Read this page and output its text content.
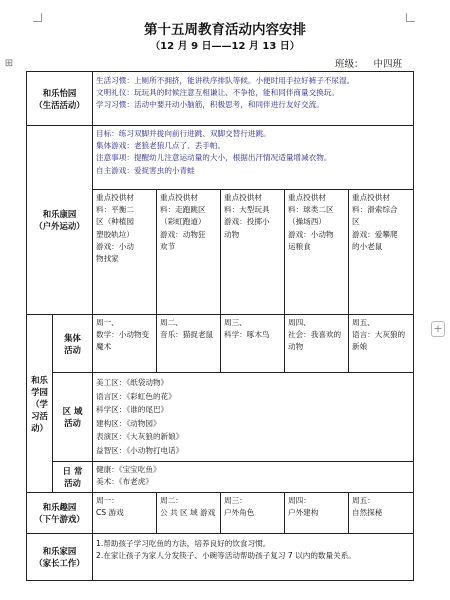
⊞
+
第十五周教育活动内容安排
（12 月 9 日——12 月 13 日）
班级： 中四班
和乐怡园
（生活活动）
生活习惯：上厕所不拥挤，能讲秩序排队等候。小便时用手拉好裤子不尿湿。
文明礼仪：玩玩具的时候注意互相谦让、不争抢，能和同伴商量交换玩。
学习习惯：活动中要开动小脑筋，积极思考，和同伴进行友好交流。
和乐康园
（户外运动）
目标：练习双脚并拢向前行进跳、双脚交替行进跳。
集体游戏：老狼老狼几点了、丢手帕。
注意事项：提醒幼儿注意运动量的大小，根据出汗情况适量增减衣物。
自主游戏：爱捉害虫的小青蛙
重点投供材
料：平衡二
区（种植园
塑胶轨垃）
游戏：小动
物找家
重点投供材
料：走跑跳区
（彩虹跑道）
游戏：动物狂
欢节
重点投供材
料：大型玩具
游戏：投掷小
动物
重点投供材
料：球类二区
（操场西）
游戏：小动物
运粮食
重点投供材
料：滑索综合
区
游戏：爱攀爬
的小老鼠
和乐
学园
（学
习活
动）
集体
活动
周一、
数学：小动物变魔术
周二、
音乐：猫捉老鼠
周三、
科学：啄木鸟
周四、
社会：我喜欢的动物
周五、
语言：大灰狼的新娘
区 域
活动
美工区：《纸袋动物》
语言区：《彩虹色的花》
科学区：《谁的尾巴》
建构区：《动物园》
表演区：《大灰狼的新娘》
益智区：《小动物打电话》
日 常
活动
健康：《宝宝吃鱼》
美术：《布老虎》
和乐趣园
（下午游戏）
周一：
CS 游戏
周二：
公 共 区 域 游戏
周三：
户外角色
周四：
户外建构
周五：
自然探秘
和乐家园
（家长工作）
1.帮助孩子学习吃鱼的方法，培养良好的饮食习惯。
2.在家让孩子为家人分发筷子、小碗等活动帮助孩子复习 7 以内的数量关系。
